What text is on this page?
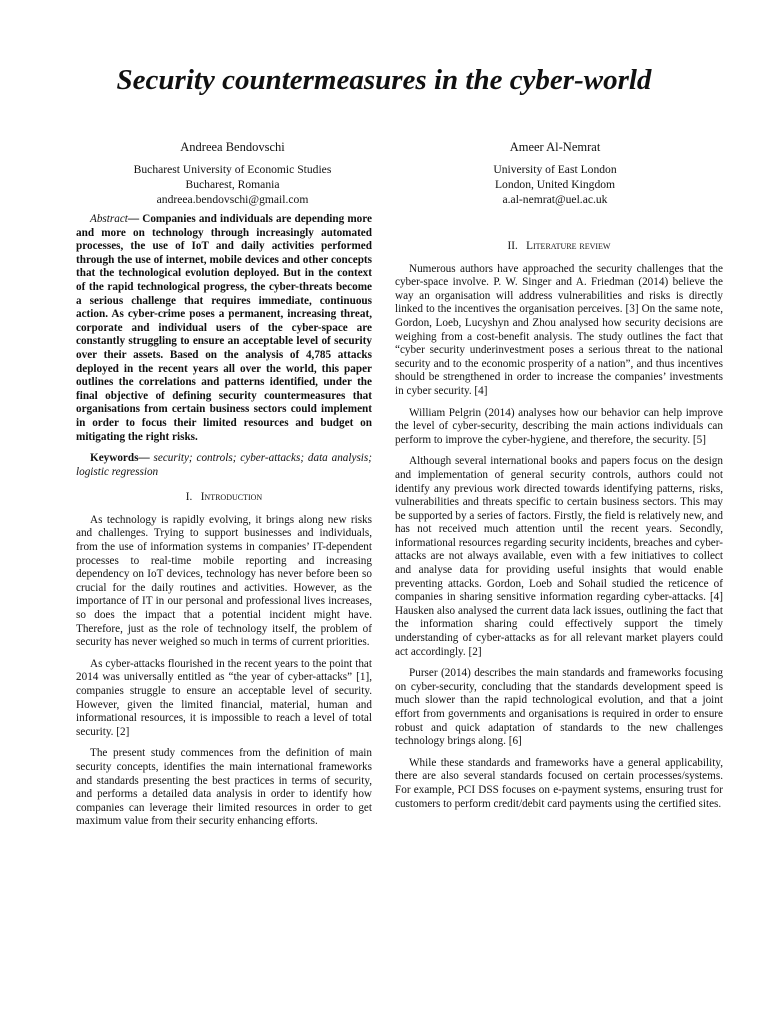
Security countermeasures in the cyber-world
Andreea Bendovschi
Bucharest University of Economic Studies
Bucharest, Romania
andreea.bendovschi@gmail.com
Ameer Al-Nemrat
University of East London
London, United Kingdom
a.al-nemrat@uel.ac.uk

Abstract— Companies and individuals are depending more and more on technology through increasingly automated processes, the use of IoT and daily activities performed through the use of internet, mobile devices and other concepts that the technological evolution deployed. But in the context of the rapid technological progress, the cyber-threats become a serious challenge that requires immediate, continuous action. As cyber-crime poses a permanent, increasing threat, corporate and individual users of the cyber-space are constantly struggling to ensure an acceptable level of security over their assets. Based on the analysis of 4,785 attacks deployed in the recent years all over the world, this paper outlines the correlations and patterns identified, under the final objective of defining security countermeasures that organisations from certain business sectors could implement in order to focus their limited resources and budget on mitigating the right risks.

Keywords— security; controls; cyber-attacks; data analysis; logistic regression

I. Introduction

As technology is rapidly evolving, it brings along new risks and challenges. Trying to support businesses and individuals, from the use of information systems in companies’ IT-dependent processes to real-time mobile reporting and increasing dependency on IoT devices, technology has never before been so crucial for the daily routines and activities. However, as the importance of IT in our personal and professional lives increases, so does the impact that a potential incident might have. Therefore, just as the role of technology itself, the problem of security has never weighed so much in terms of current priorities.

As cyber-attacks flourished in the recent years to the point that 2014 was universally entitled as “the year of cyber-attacks” [1], companies struggle to ensure an acceptable level of security. However, given the limited financial, material, human and informational resources, it is impossible to reach a level of total security. [2]

The present study commences from the definition of main security concepts, identifies the main international frameworks and standards presenting the best practices in terms of security, and performs a detailed data analysis in order to identify how companies can leverage their limited resources in order to get maximum value from their security enhancing efforts.

II. Literature review

Numerous authors have approached the security challenges that the cyber-space involve. P. W. Singer and A. Friedman (2014) believe the way an organisation will address vulnerabilities and risks is directly linked to the incentives the organisation perceives. [3] On the same note, Gordon, Loeb, Lucyshyn and Zhou analysed how security decisions are weighing from a cost-benefit analysis. The study outlines the fact that “cyber security underinvestment poses a serious threat to the national security and to the economic prosperity of a nation”, and thus incentives should be strengthened in order to increase the companies’ investments in cyber security. [4]

William Pelgrin (2014) analyses how our behavior can help improve the level of cyber-security, describing the main actions individuals can perform to improve the cyber-hygiene, and therefore, the security. [5]

Although several international books and papers focus on the design and implementation of general security controls, authors could not identify any previous work directed towards identifying patterns, risks, vulnerabilities and threats specific to certain business sectors. This may be supported by a series of factors. Firstly, the field is relatively new, and has not received much attention until the recent years. Secondly, informational resources regarding security incidents, breaches and cyber-attacks are not always available, even with a few initiatives to collect and analyse data for providing useful insights that would enable preventing attacks. Gordon, Loeb and Sohail studied the reticence of companies in sharing sensitive information regarding cyber-attacks. [4] Hausken also analysed the current data lack issues, outlining the fact that the information sharing could effectively support the timely understanding of cyber-attacks as for all relevant market players could act accordingly. [2]

Purser (2014) describes the main standards and frameworks focusing on cyber-security, concluding that the standards development speed is much slower than the rapid technological evolution, and that a joint effort from governments and organisations is required in order to ensure robust and quick adaptation of standards to the new challenges technology brings along. [6]

While these standards and frameworks have a general applicability, there are also several standards focused on certain processes/systems. For example, PCI DSS focuses on e-payment systems, ensuring trust for customers to perform credit/debit card payments using the certified sites.
